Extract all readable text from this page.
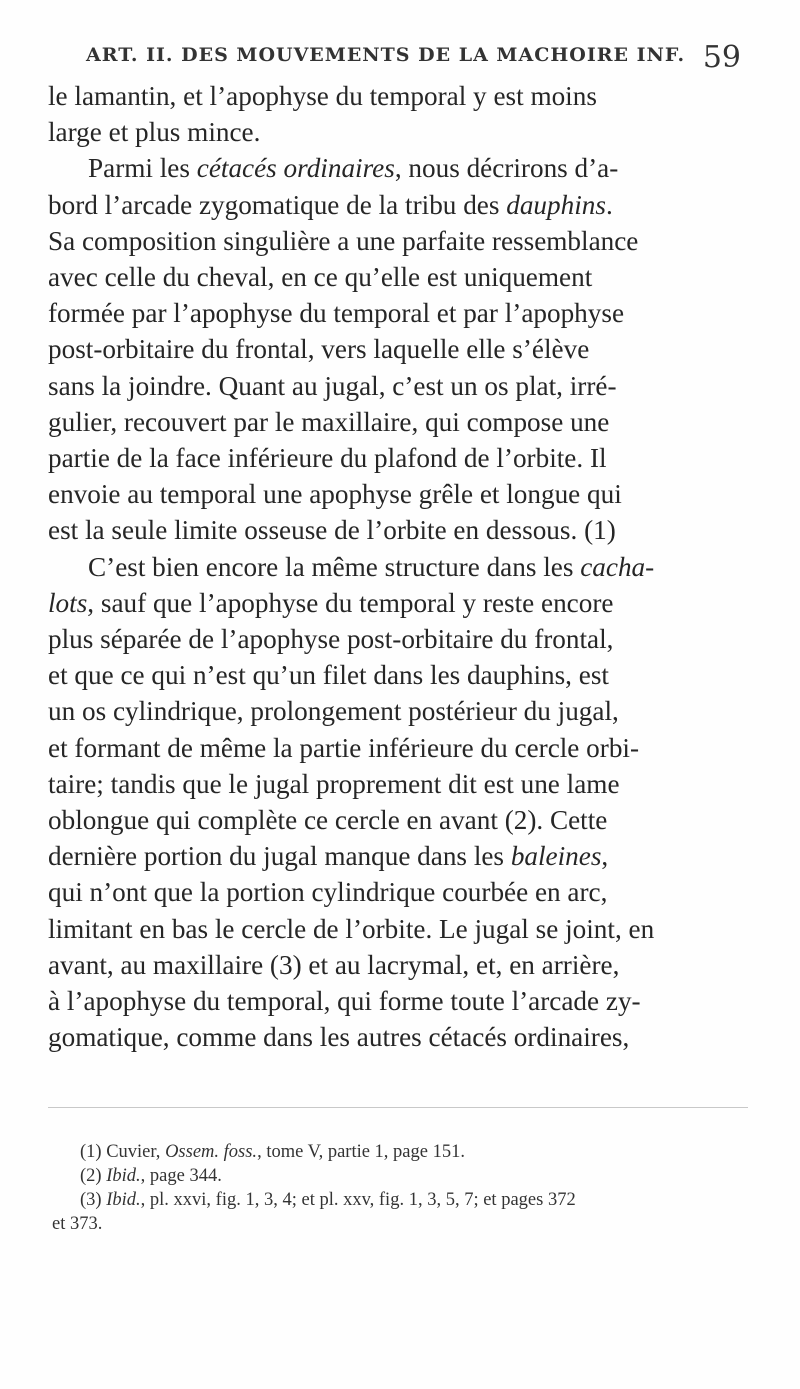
ART. II. DES MOUVEMENTS DE LA MACHOIRE INF. 59
le lamantin, et l’apophyse du temporal y est moins
large et plus mince.
Parmi les cétacés ordinaires, nous décrirons d’a-
bord l’arcade zygomatique de la tribu des dauphins.
Sa composition singulière a une parfaite ressemblance
avec celle du cheval, en ce qu’elle est uniquement
formée par l’apophyse du temporal et par l’apophyse
post-orbitaire du frontal, vers laquelle elle s’élève
sans la joindre. Quant au jugal, c’est un os plat, irré-
gulier, recouvert par le maxillaire, qui compose une
partie de la face inférieure du plafond de l’orbite. Il
envoie au temporal une apophyse grêle et longue qui
est la seule limite osseuse de l’orbite en dessous. (1)
C’est bien encore la même structure dans les cacha-
lots, sauf que l’apophyse du temporal y reste encore
plus séparée de l’apophyse post-orbitaire du frontal,
et que ce qui n’est qu’un filet dans les dauphins, est
un os cylindrique, prolongement postérieur du jugal,
et formant de même la partie inférieure du cercle orbi-
taire; tandis que le jugal proprement dit est une lame
oblongue qui complète ce cercle en avant (2). Cette
dernière portion du jugal manque dans les baleines,
qui n’ont que la portion cylindrique courbée en arc,
limitant en bas le cercle de l’orbite. Le jugal se joint, en
avant, au maxillaire (3) et au lacrymal, et, en arrière,
à l’apophyse du temporal, qui forme toute l’arcade zy-
gomatique, comme dans les autres cétacés ordinaires,
(1) Cuvier, Ossem. foss., tome V, partie 1, page 151.
(2) Ibid., page 344.
(3) Ibid., pl. xxvi, fig. 1, 3, 4; et pl. xxv, fig. 1, 3, 5, 7; et pages 372
et 373.
